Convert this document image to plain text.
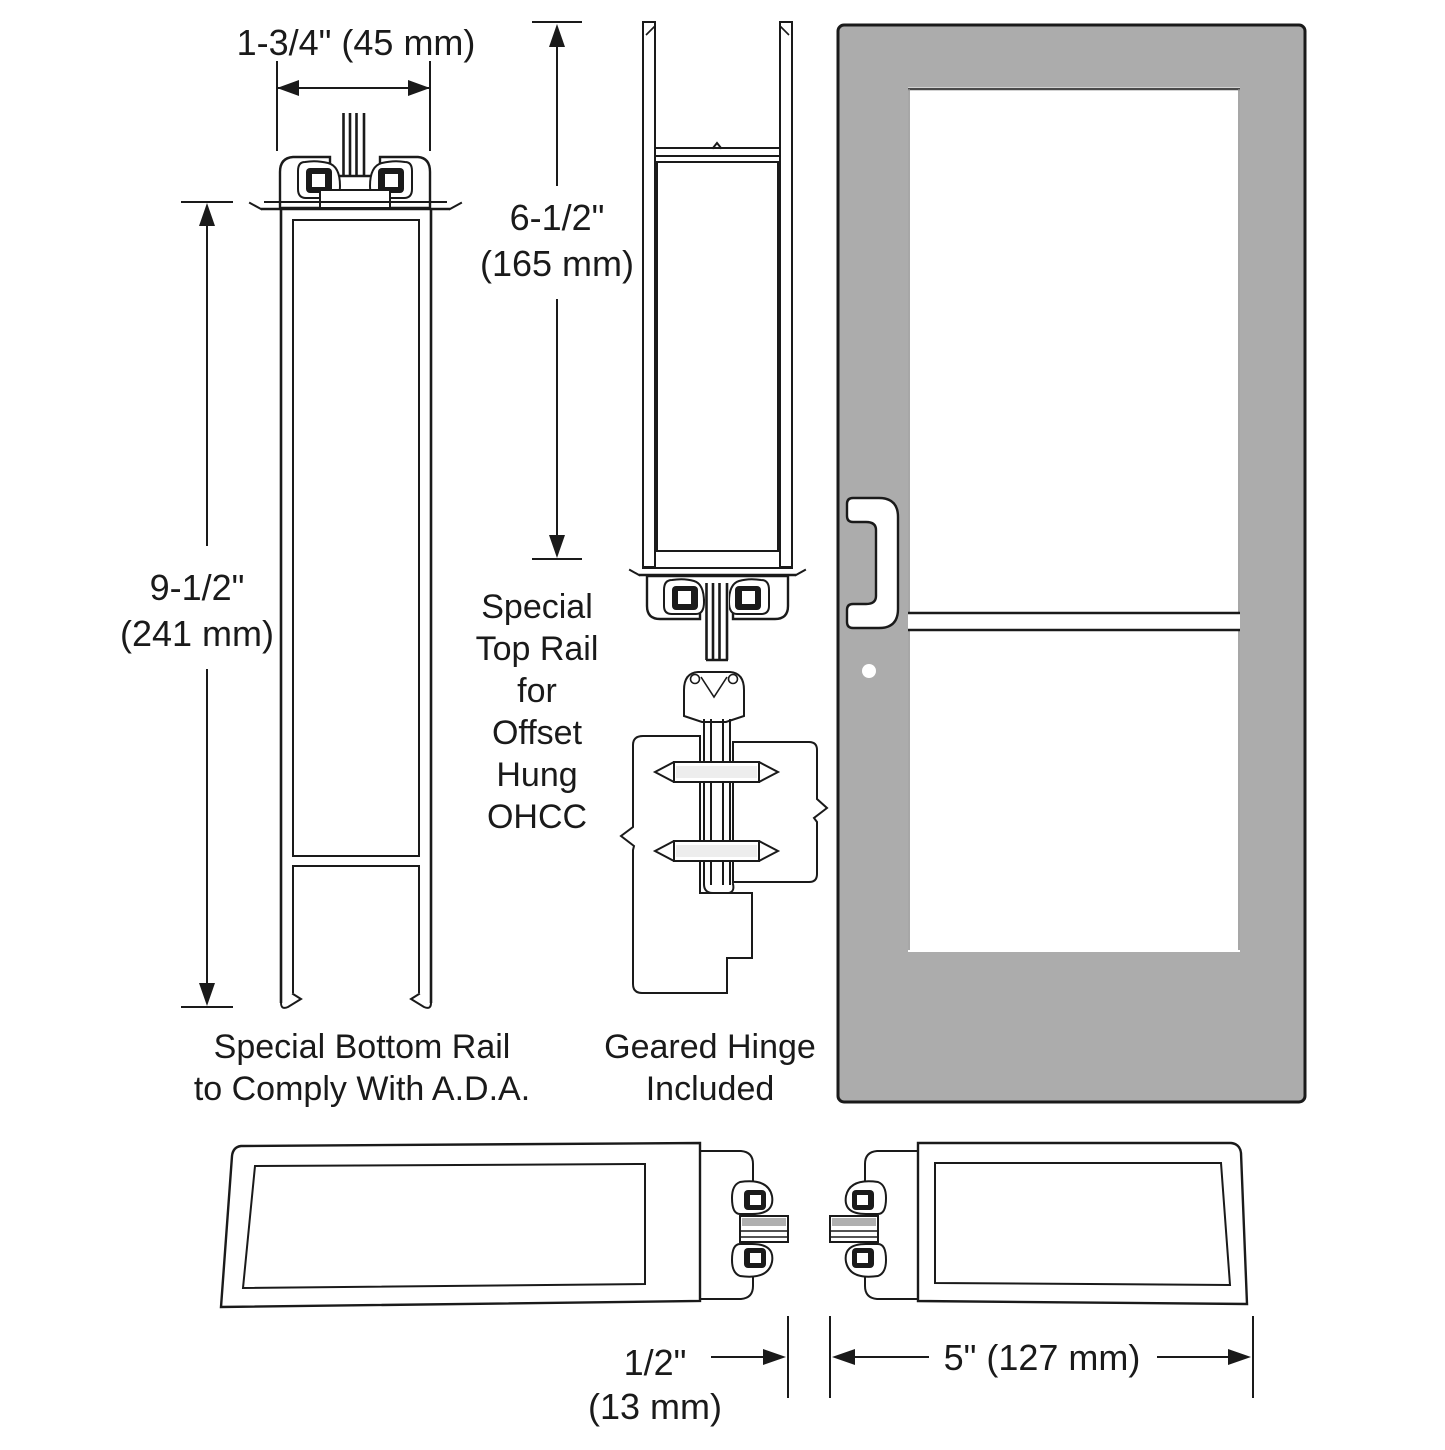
1-3/4" (45 mm)
9-1/2"
(241 mm)
Special Bottom Rail
to Comply With A.D.A.
6-1/2"
(165 mm)
Special
Top Rail
for
Offset
Hung
OHCC
Geared Hinge
Included
1/2"
(13 mm)
5" (127 mm)
